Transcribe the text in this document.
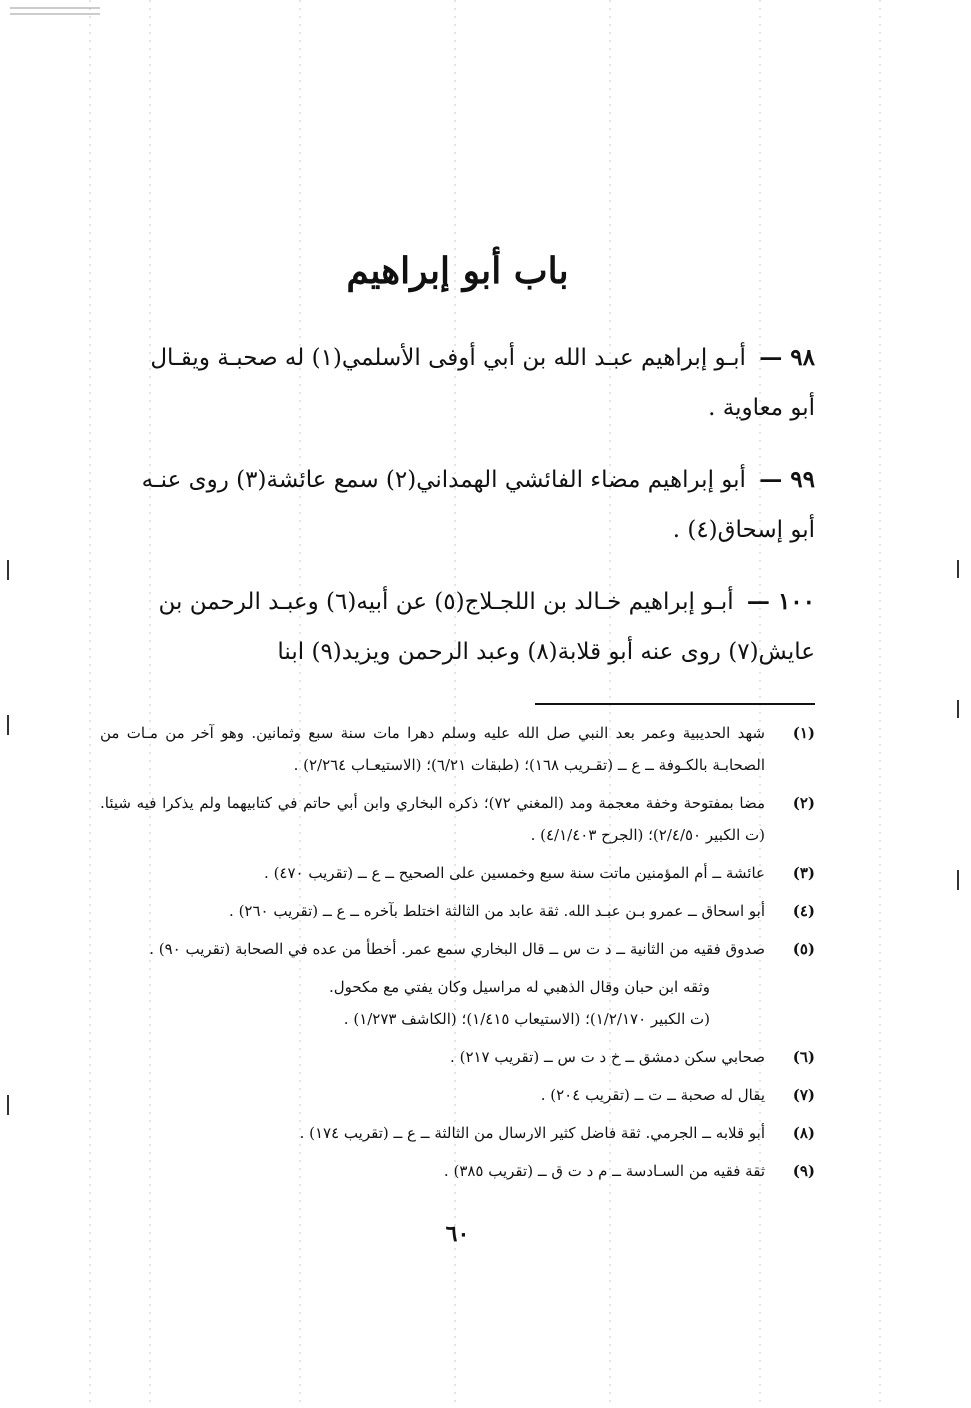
باب أبو إبراهيم
٩٨ — أبـو إبراهيم عبـد الله بن أبي أوفى الأسلمي(١) له صحبـة ويقـال
أبو معاوية .
٩٩ — أبو إبراهيم مضاء الفائشي الهمداني(٢) سمع عائشة(٣) روى عنـه
أبو إسحاق(٤) .
١٠٠ — أبـو إبراهيم خـالد بن اللجـلاج(٥) عن أبيه(٦) وعبـد الرحمن بن
عايش(٧) روى عنه أبو قلابة(٨) وعبد الرحمن ويزيد(٩) ابنا
(١)
شهد الحديبية وعمر بعد النبي صل الله عليه وسلم دهرا مات سنة سبع وثمانين. وهو آخر من مـات من الصحابـة بالكـوفة ــ ع ــ (تقـريب ١٦٨)؛ (طبقات ٦/٢١)؛ (الاستيعـاب ٢/٢٦٤) .
(٢)
مضا بمفتوحة وخفة معجمة ومد (المغني ٧٢)؛ ذكره البخاري وابن أبي حاتم في كتابيهما ولم يذكرا فيه شيئا. (ت الكبير ٢/٤/٥٠)؛ (الجرح ٤/١/٤٠٣) .
(٣)
عائشة ــ أم المؤمنين ماتت سنة سبع وخمسين على الصحيح ــ ع ــ (تقريب ٤٧٠) .
(٤)
أبو اسحاق ــ عمرو بـن عبـد الله. ثقة عابد من الثالثة اختلط بآخره ــ ع ــ (تقريب ٢٦٠) .
(٥)
صدوق فقيه من الثانية ــ د ت س ــ قال البخاري سمع عمر. أخطأ من عده في الصحابة (تقريب ٩٠) .
وثقه ابن حبان وقال الذهبي له مراسيل وكان يفتي مع مكحول.
(ت الكبير ١/٢/١٧٠)؛ (الاستيعاب ١/٤١٥)؛ (الكاشف ١/٢٧٣) .
(٦)
صحابي سكن دمشق ــ خ د ت س ــ (تقريب ٢١٧) .
(٧)
يقال له صحبة ــ ت ــ (تقريب ٢٠٤) .
(٨)
أبو قلابه ــ الجرمي. ثقة فاضل كثير الارسال من الثالثة ــ ع ــ (تقريب ١٧٤) .
(٩)
ثقة فقيه من السـادسة ــ م د ت ق ــ (تقريب ٣٨٥) .
٦٠
